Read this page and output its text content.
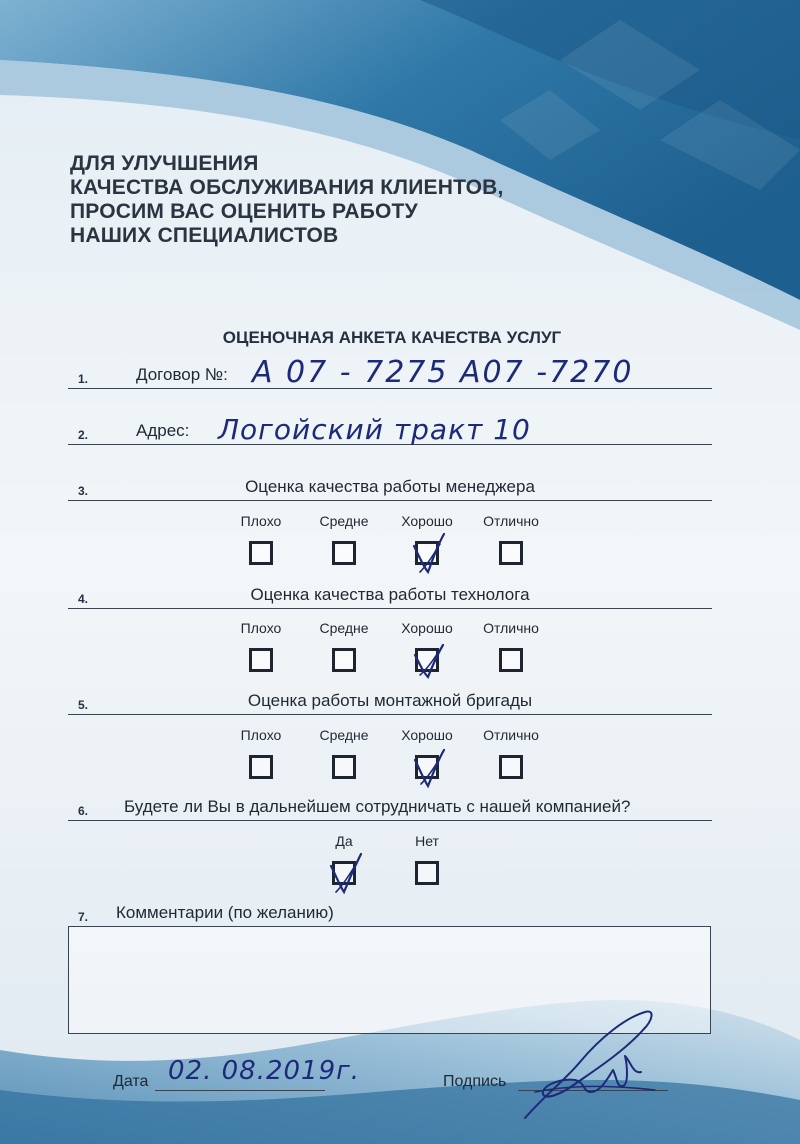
ДЛЯ УЛУЧШЕНИЯ
КАЧЕСТВА ОБСЛУЖИВАНИЯ КЛИЕНТОВ,
ПРОСИМ ВАС ОЦЕНИТЬ РАБОТУ
НАШИХ СПЕЦИАЛИСТОВ
ОЦЕНОЧНАЯ АНКЕТА КАЧЕСТВА УСЛУГ
1.	Договор №: А 07 - 7275 А07 -7270
2.	Адрес: Логойский тракт 10
3.	Оценка качества работы менеджера
Плохо	Средне	Хорошо	Отлично
4.	Оценка качества работы технолога
Плохо	Средне	Хорошо	Отлично
5.	Оценка работы монтажной бригады
Плохо	Средне	Хорошо	Отлично
6. Будете ли Вы в дальнейшем сотрудничать с нашей компанией?
Да	Нет
7. Комментарии (по желанию)
Дата 02. 08.2019г.	Подпись
